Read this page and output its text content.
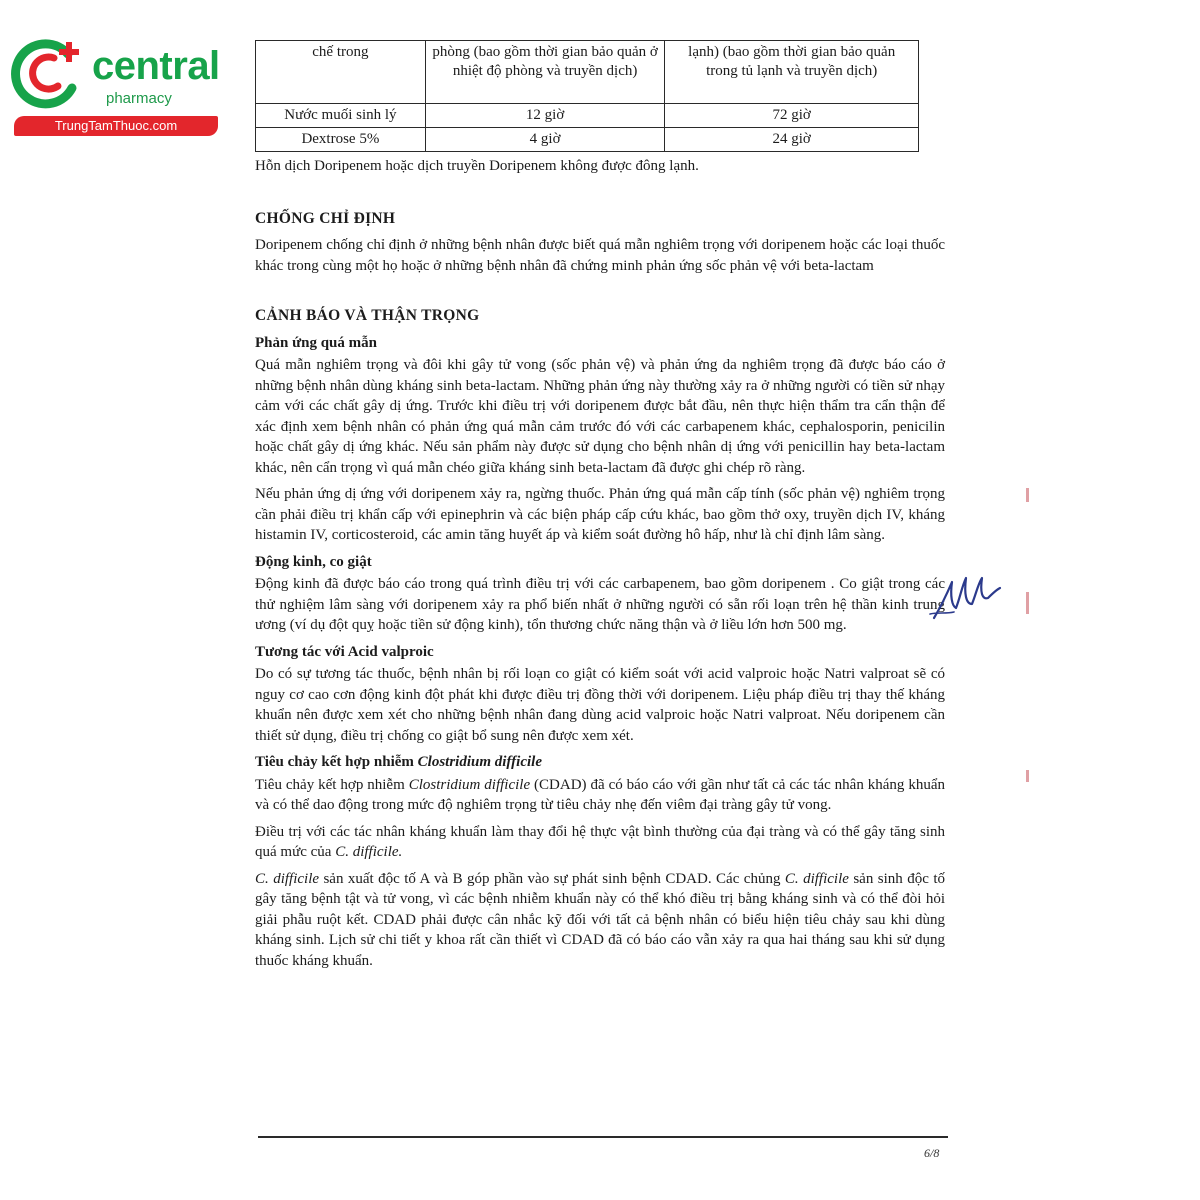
central
pharmacy
TrungTamThuoc.com
chế trong	phòng (bao gồm thời gian bảo quản ở nhiệt độ phòng và truyền dịch)	lạnh) (bao gồm thời gian bảo quản trong tủ lạnh và truyền dịch)
Nước muối sinh lý	12 giờ	72 giờ
Dextrose 5%	4 giờ	24 giờ
Hỗn dịch Doripenem hoặc dịch truyền Doripenem không được đông lạnh.
CHỐNG CHỈ ĐỊNH

Doripenem chống chỉ định ở những bệnh nhân được biết quá mẫn nghiêm trọng với doripenem hoặc các loại thuốc khác trong cùng một họ hoặc ở những bệnh nhân đã chứng minh phản ứng sốc phản vệ với beta-lactam

CẢNH BÁO VÀ THẬN TRỌNG
Phản ứng quá mẫn

Quá mẫn nghiêm trọng và đôi khi gây tử vong (sốc phản vệ) và phản ứng da nghiêm trọng đã được báo cáo ở những bệnh nhân dùng kháng sinh beta-lactam. Những phản ứng này thường xảy ra ở những người có tiền sử nhạy cảm với các chất gây dị ứng. Trước khi điều trị với doripenem được bắt đầu, nên thực hiện thẩm tra cẩn thận để xác định xem bệnh nhân có phản ứng quá mẫn cảm trước đó với các carbapenem khác, cephalosporin, penicilin hoặc chất gây dị ứng khác. Nếu sản phẩm này được sử dụng cho bệnh nhân dị ứng với penicillin hay beta-lactam khác, nên cẩn trọng vì quá mẫn chéo giữa kháng sinh beta-lactam đã được ghi chép rõ ràng.

Nếu phản ứng dị ứng với doripenem xảy ra, ngừng thuốc. Phản ứng quá mẫn cấp tính (sốc phản vệ) nghiêm trọng cần phải điều trị khẩn cấp với epinephrin và các biện pháp cấp cứu khác, bao gồm thở oxy, truyền dịch IV, kháng histamin IV, corticosteroid, các amin tăng huyết áp và kiểm soát đường hô hấp, như là chỉ định lâm sàng.

Động kinh, co giật

Động kinh đã được báo cáo trong quá trình điều trị với các carbapenem, bao gồm doripenem . Co giật trong các thử nghiệm lâm sàng với doripenem xảy ra phổ biến nhất ở những người có sẵn rối loạn trên hệ thần kinh trung ương (ví dụ đột quỵ hoặc tiền sử động kinh), tổn thương chức năng thận và ở liều lớn hơn 500 mg.

Tương tác với Acid valproic

Do có sự tương tác thuốc, bệnh nhân bị rối loạn co giật có kiểm soát với acid valproic hoặc Natri valproat sẽ có nguy cơ cao cơn động kinh đột phát khi được điều trị đồng thời với doripenem. Liệu pháp điều trị thay thế kháng khuẩn nên được xem xét cho những bệnh nhân đang dùng acid valproic hoặc Natri valproat. Nếu doripenem cần thiết sử dụng, điều trị chống co giật bổ sung nên được xem xét.

Tiêu chảy kết hợp nhiễm Clostridium difficile

Tiêu chảy kết hợp nhiễm Clostridium difficile (CDAD) đã có báo cáo với gần như tất cả các tác nhân kháng khuẩn và có thể dao động trong mức độ nghiêm trọng từ tiêu chảy nhẹ đến viêm đại tràng gây tử vong.

Điều trị với các tác nhân kháng khuẩn làm thay đổi hệ thực vật bình thường của đại tràng và có thể gây tăng sinh quá mức của C. difficile.

C. difficile sản xuất độc tố A và B góp phần vào sự phát sinh bệnh CDAD. Các chủng C. difficile sản sinh độc tố gây tăng bệnh tật và tử vong, vì các bệnh nhiễm khuẩn này có thể khó điều trị bằng kháng sinh và có thể đòi hỏi giải phẫu ruột kết. CDAD phải được cân nhắc kỹ đối với tất cả bệnh nhân có biểu hiện tiêu chảy sau khi dùng kháng sinh. Lịch sử chi tiết y khoa rất cần thiết vì CDAD đã có báo cáo vẫn xảy ra qua hai tháng sau khi sử dụng thuốc kháng khuẩn.

6/8
